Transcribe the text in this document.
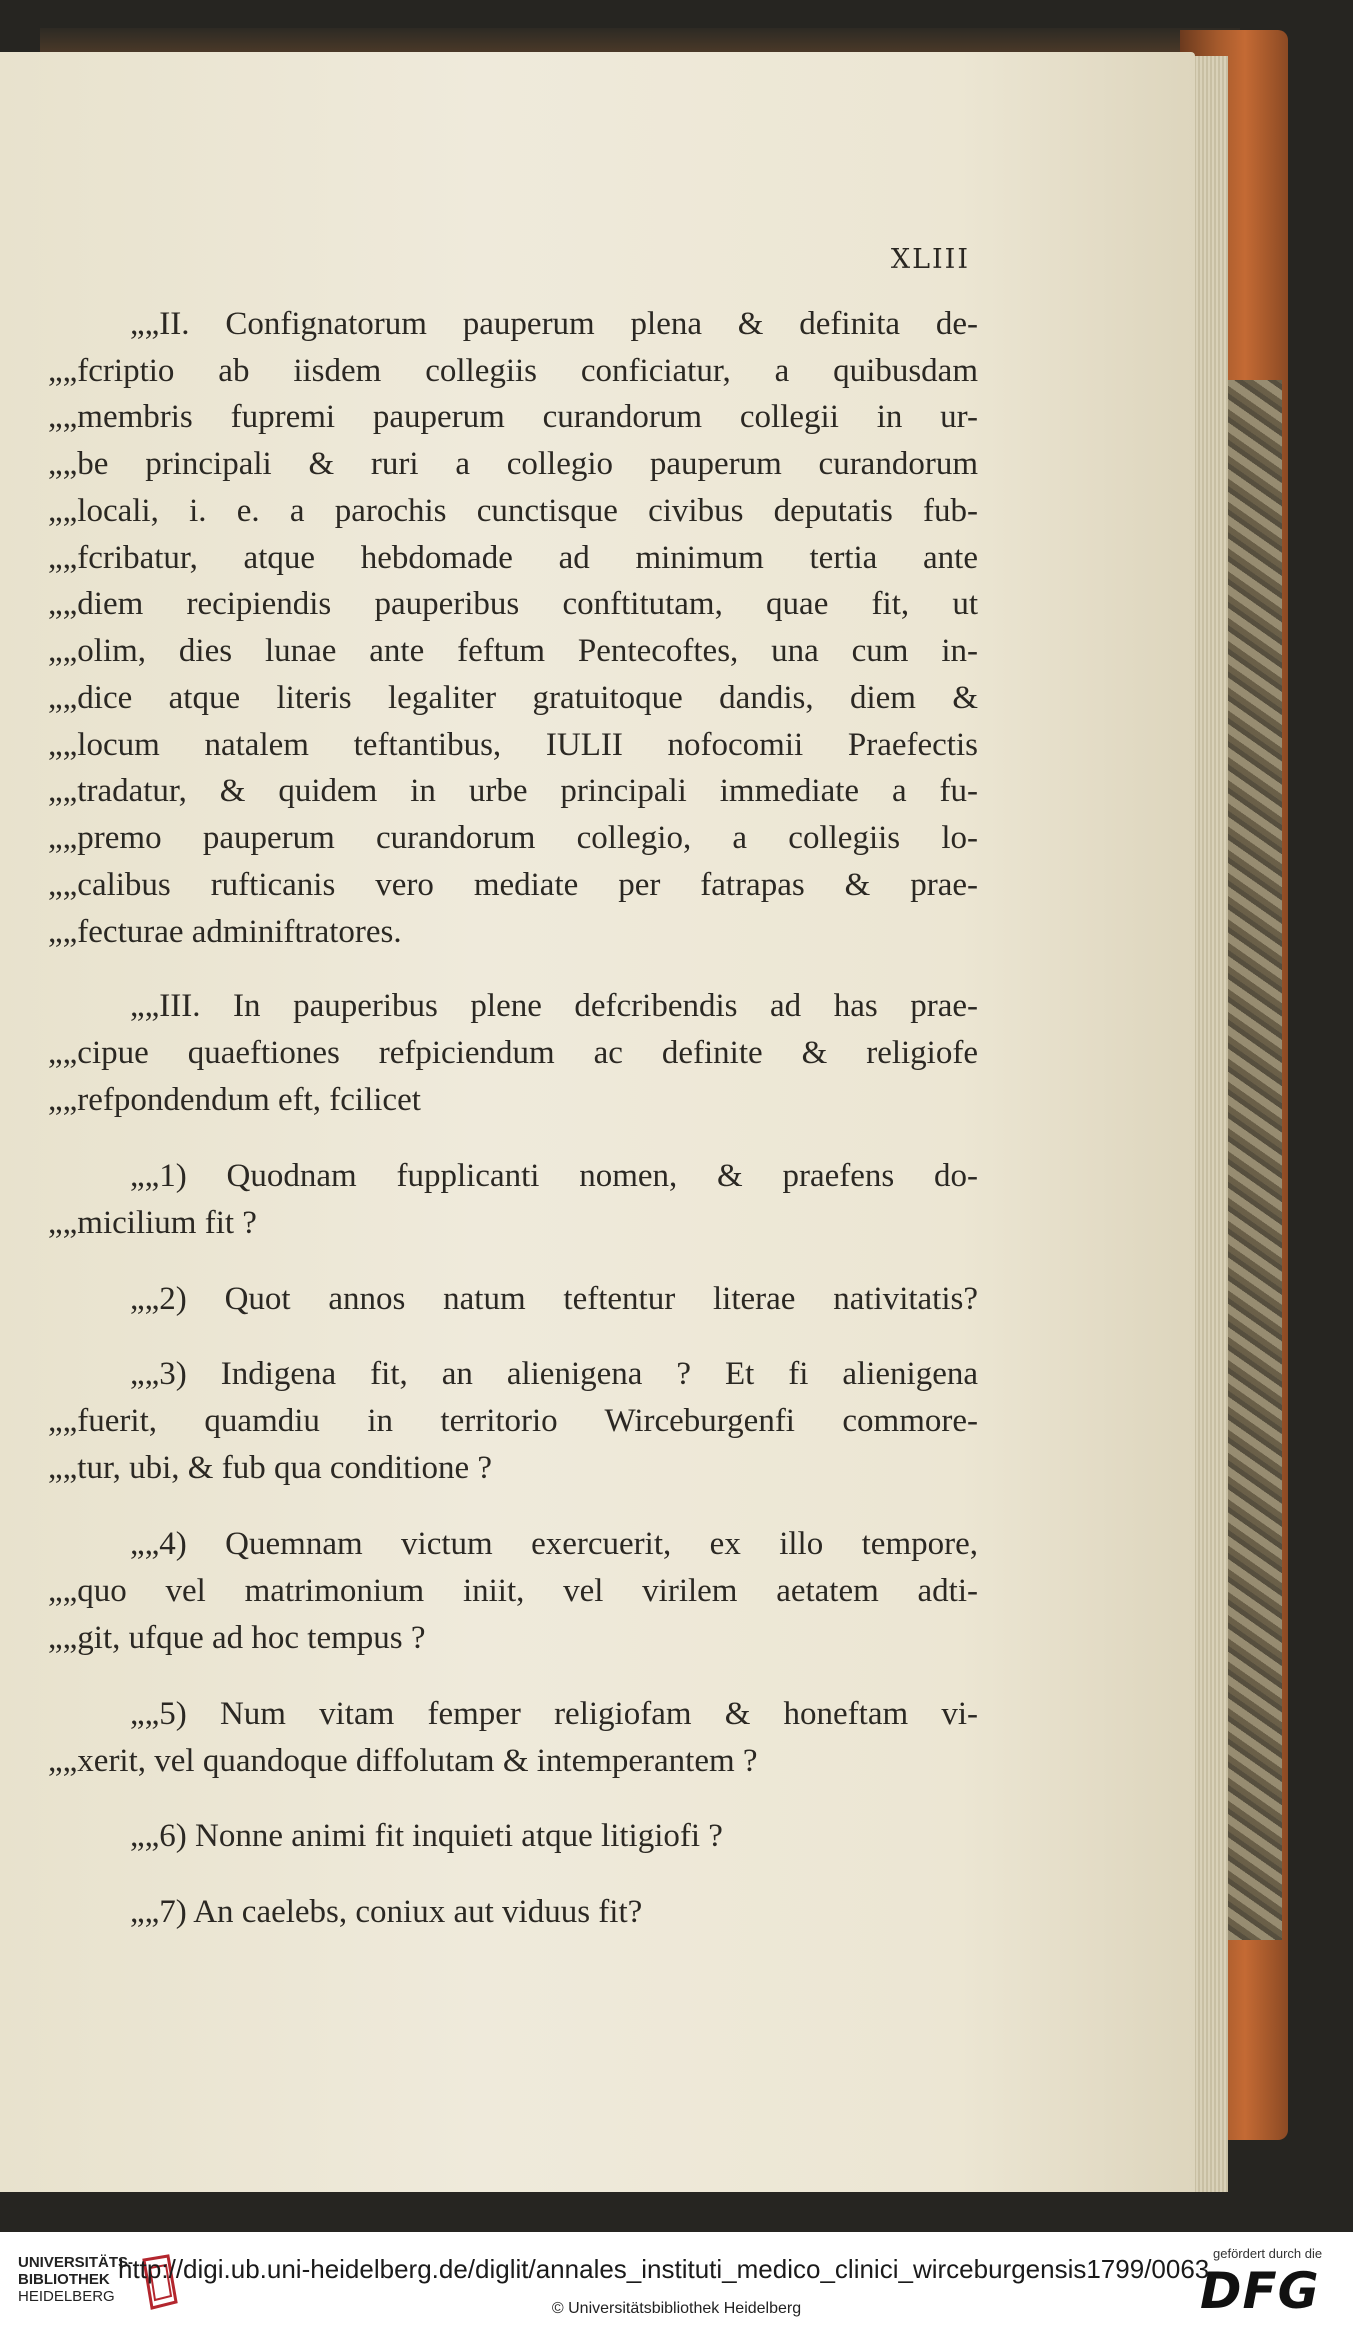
XLIII
„„II. Confignatorum pauperum plena & definita de-
„„fcriptio ab iisdem collegiis conficiatur, a quibusdam
„„membris fupremi pauperum curandorum collegii in ur-
„„be principali & ruri a collegio pauperum curandorum
„„locali, i. e. a parochis cunctisque civibus deputatis fub-
„„fcribatur, atque hebdomade ad minimum tertia ante
„„diem recipiendis pauperibus conftitutam, quae fit, ut
„„olim, dies lunae ante feftum Pentecoftes, una cum in-
„„dice atque literis legaliter gratuitoque dandis, diem &
„„locum natalem teftantibus, IULII nofocomii Praefectis
„„tradatur, & quidem in urbe principali immediate a fu-
„„premo pauperum curandorum collegio, a collegiis lo-
„„calibus rufticanis vero mediate per fatrapas & prae-
„„fecturae adminiftratores.
„„III. In pauperibus plene defcribendis ad has prae-
„„cipue quaeftiones refpiciendum ac definite & religiofe
„„refpondendum eft, fcilicet
„„1) Quodnam fupplicanti nomen, & praefens do-
„„micilium fit ?
„„2) Quot annos natum teftentur literae nativitatis?
„„3) Indigena fit, an alienigena ? Et fi alienigena
„„fuerit, quamdiu in territorio Wirceburgenfi commore-
„„tur, ubi, & fub qua conditione ?
„„4) Quemnam victum exercuerit, ex illo tempore,
„„quo vel matrimonium iniit, vel virilem aetatem adti-
„„git, ufque ad hoc tempus ?
„„5) Num vitam femper religiofam & honeftam vi-
„„xerit, vel quandoque diffolutam & intemperantem ?
„„6) Nonne animi fit inquieti atque litigiofi ?
„„7) An caelebs, coniux aut viduus fit?
UNIVERSITÄTS-
BIBLIOTHEK
HEIDELBERG
http://digi.ub.uni-heidelberg.de/diglit/annales_instituti_medico_clinici_wirceburgensis1799/0063
© Universitätsbibliothek Heidelberg
gefördert durch die
DFG
